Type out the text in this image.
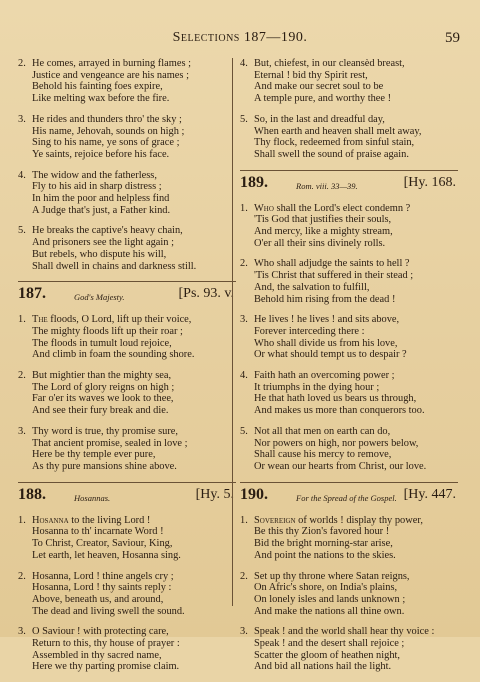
Selections 187—190.	59
2. He comes, arrayed in burning flames ;
Justice and vengeance are his names ;
Behold his fainting foes expire,
Like melting wax before the fire.
3. He rides and thunders thro' the sky ;
His name, Jehovah, sounds on high ;
Sing to his name, ye sons of grace ;
Ye saints, rejoice before his face.
4. The widow and the fatherless,
Fly to his aid in sharp distress ;
In him the poor and helpless find
A Judge that's just, a Father kind.
5. He breaks the captive's heavy chain,
And prisoners see the light again ;
But rebels, who dispute his will,
Shall dwell in chains and darkness still.
187.	God's Majesty.	[Ps. 93. v.
1. The floods, O Lord, lift up their voice,
The mighty floods lift up their roar ;
The floods in tumult loud rejoice,
And climb in foam the sounding shore.
2. But mightier than the mighty sea,
The Lord of glory reigns on high ;
Far o'er its waves we look to thee,
And see their fury break and die.
3. Thy word is true, thy promise sure,
That ancient promise, sealed in love ;
Here be thy temple ever pure,
As thy pure mansions shine above.
188.	Hosannas.	[Hy. 5.
1. Hosanna to the living Lord !
Hosanna to th' incarnate Word !
To Christ, Creator, Saviour, King,
Let earth, let heaven, Hosanna sing.
2. Hosanna, Lord ! thine angels cry ;
Hosanna, Lord ! thy saints reply :
Above, beneath us, and around,
The dead and living swell the sound.
3. O Saviour ! with protecting care,
Return to this, thy house of prayer :
Assembled in thy sacred name,
Here we thy parting promise claim.
4. But, chiefest, in our cleansèd breast,
Eternal ! bid thy Spirit rest,
And make our secret soul to be
A temple pure, and worthy thee !
5. So, in the last and dreadful day,
When earth and heaven shall melt away,
Thy flock, redeemed from sinful stain,
Shall swell the sound of praise again.
189.	Rom. viii. 33—39.	[Hy. 168.
1. Who shall the Lord's elect condemn ?
'Tis God that justifies their souls,
And mercy, like a mighty stream,
O'er all their sins divinely rolls.
2. Who shall adjudge the saints to hell ?
'Tis Christ that suffered in their stead ;
And, the salvation to fulfill,
Behold him rising from the dead !
3. He lives ! he lives ! and sits above,
Forever interceding there :
Who shall divide us from his love,
Or what should tempt us to despair ?
4. Faith hath an overcoming power ;
It triumphs in the dying hour ;
He that hath loved us bears us through,
And makes us more than conquerors too.
5. Not all that men on earth can do,
Nor powers on high, nor powers below,
Shall cause his mercy to remove,
Or wean our hearts from Christ, our love.
190.	For the Spread of the Gospel. [Hy. 447.
1. Sovereign of worlds ! display thy power,
Be this thy Zion's favored hour !
Bid the bright morning-star arise,
And point the nations to the skies.
2. Set up thy throne where Satan reigns,
On Afric's shore, on India's plains,
On lonely isles and lands unknown ;
And make the nations all thine own.
3. Speak ! and the world shall hear thy voice :
Speak ! and the desert shall rejoice ;
Scatter the gloom of heathen night,
And bid all nations hail the light.
